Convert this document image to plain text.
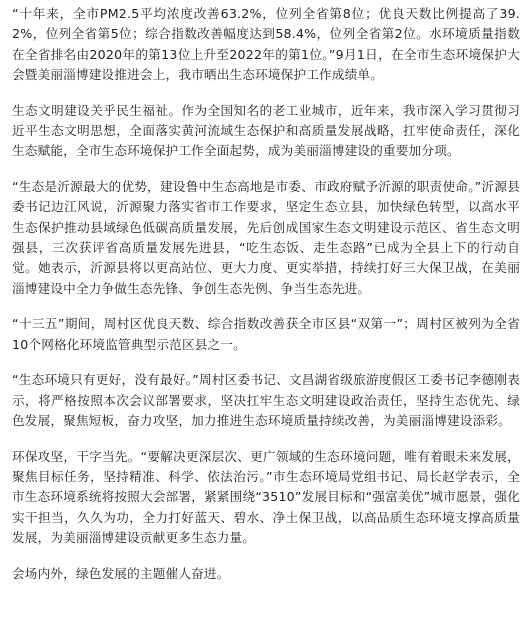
“十年来，全市PM2.5平均浓度改善63.2%，位列全省第8位；优良天数比例提高了39.2%，位列全省第5位；综合指数改善幅度达到58.4%，位列全省第2位。水环境质量指数在全省排名由2020年的第13位上升至2022年的第1位。”9月1日，在全市生态环境保护大会暨美丽淄博建设推进会上，我市晒出生态环境保护工作成绩单。

生态文明建设关乎民生福祉。作为全国知名的老工业城市，近年来，我市深入学习贯彻习近平生态文明思想，全面落实黄河流域生态保护和高质量发展战略，扛牢使命责任，深化生态赋能，全市生态环境保护工作全面起势，成为美丽淄博建设的重要加分项。

“生态是沂源最大的优势，建设鲁中生态高地是市委、市政府赋予沂源的职责使命。”沂源县委书记边江风说，沂源聚力落实省市工作要求，坚定生态立县，加快绿色转型，以高水平生态保护推动县域绿色低碳高质量发展，先后创成国家生态文明建设示范区、省生态文明强县，三次获评省高质量发展先进县，“吃生态饭、走生态路”已成为全县上下的行动自觉。她表示，沂源县将以更高站位、更大力度、更实举措，持续打好三大保卫战，在美丽淄博建设中全力争做生态先锋、争创生态先例、争当生态先进。

“十三五”期间，周村区优良天数、综合指数改善获全市区县“双第一”；周村区被列为全省10个网格化环境监管典型示范区县之一。

“生态环境只有更好，没有最好。”周村区委书记、文昌湖省级旅游度假区工委书记李德刚表示，将严格按照本次会议部署要求，坚决扛牢生态文明建设政治责任，坚持生态优先、绿色发展，聚焦短板，奋力攻坚，加力推进生态环境质量持续改善，为美丽淄博建设添彩。

环保攻坚，干字当先。“要解决更深层次、更广领域的生态环境问题，唯有着眼未来发展，聚焦目标任务，坚持精准、科学、依法治污。”市生态环境局党组书记、局长赵学表示，全市生态环境系统将按照大会部署，紧紧围绕“3510”发展目标和“强富美优”城市愿景，强化实干担当，久久为功，全力打好蓝天、碧水、净土保卫战，以高品质生态环境支撑高质量发展，为美丽淄博建设贡献更多生态力量。

会场内外，绿色发展的主题催人奋进。
